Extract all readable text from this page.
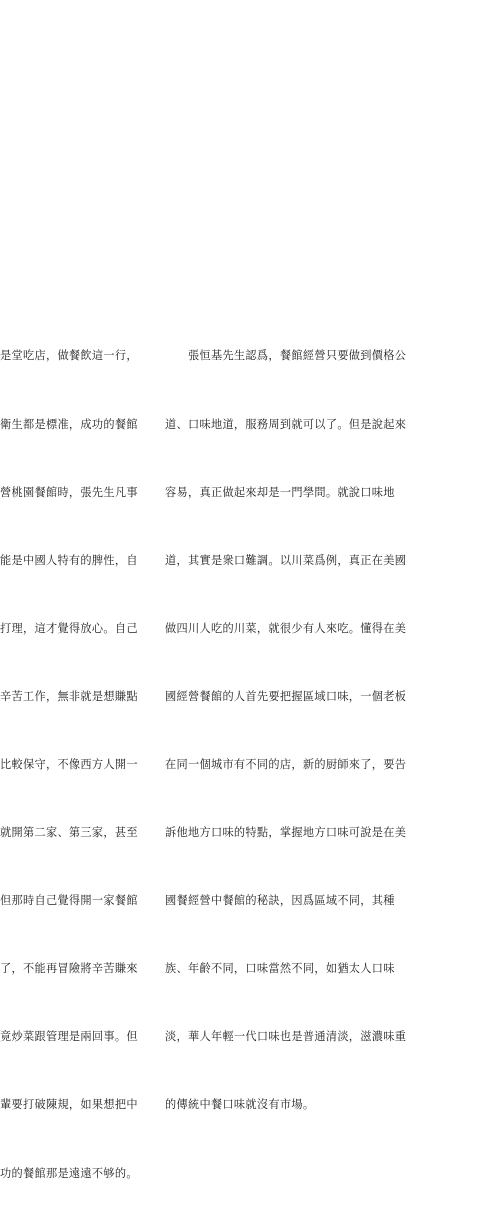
是堂吃店，做餐飲這一行，

衛生都是標准，成功的餐館

營桃園餐館時，張先生凡事

能是中國人特有的脾性，自

打理，這才覺得放心。自己

辛苦工作，無非就是想賺點

比較保守，不像西方人開一

就開第二家、第三家，甚至

但那時自己覺得開一家餐館

了，不能再冒險將辛苦賺來

竟炒菜跟管理是兩回事。但

輩要打破陳規，如果想把中

功的餐館那是遠遠不够的。

　　張恒基先生認爲，餐館經營只要做到價格公

道、口味地道，服務周到就可以了。但是說起來

容易，真正做起來却是一門學問。就說口味地

道，其實是衆口難調。以川菜爲例，真正在美國

做四川人吃的川菜，就很少有人來吃。懂得在美

國經營餐館的人首先要把握區域口味，一個老板

在同一個城市有不同的店，新的厨師來了，要告

訴他地方口味的特點，掌握地方口味可說是在美

國餐經營中餐館的秘訣，因爲區域不同，其種

族、年齡不同，口味當然不同，如猶太人口味

淡，華人年輕一代口味也是普通清淡，滋濃味重

的傳統中餐口味就沒有市場。
